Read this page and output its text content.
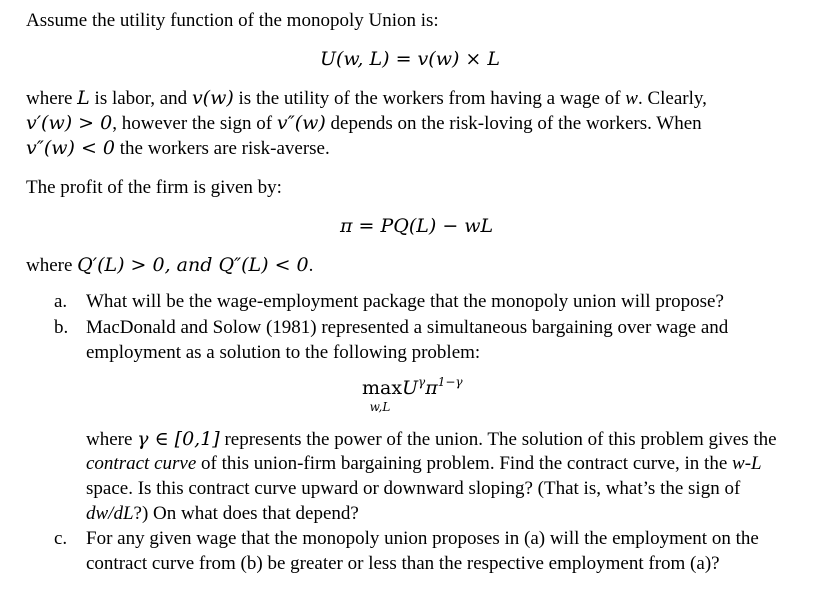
Assume the utility function of the monopoly Union is:
U(w, L) = v(w) × L
where L is labor, and v(w) is the utility of the workers from having a wage of w. Clearly,
v′(w) > 0, however the sign of v″(w) depends on the risk-loving of the workers. When
v″(w) < 0 the workers are risk-averse.
The profit of the firm is given by:
π = PQ(L) − wL
where Q′(L) > 0, and Q″(L) < 0.
a. What will be the wage-employment package that the monopoly union will propose?
b. MacDonald and Solow (1981) represented a simultaneous bargaining over wage and
employment as a solution to the following problem:
max
w,L
$U^\gamma\pi^{1-\gamma}$
where γ ∈ [0,1] represents the power of the union. The solution of this problem gives the
contract curve of this union-firm bargaining problem. Find the contract curve, in the w-L
space. Is this contract curve upward or downward sloping? (That is, what’s the sign of
dw/dL?) On what does that depend?
c. For any given wage that the monopoly union proposes in (a) will the employment on the
contract curve from (b) be greater or less than the respective employment from (a)?
